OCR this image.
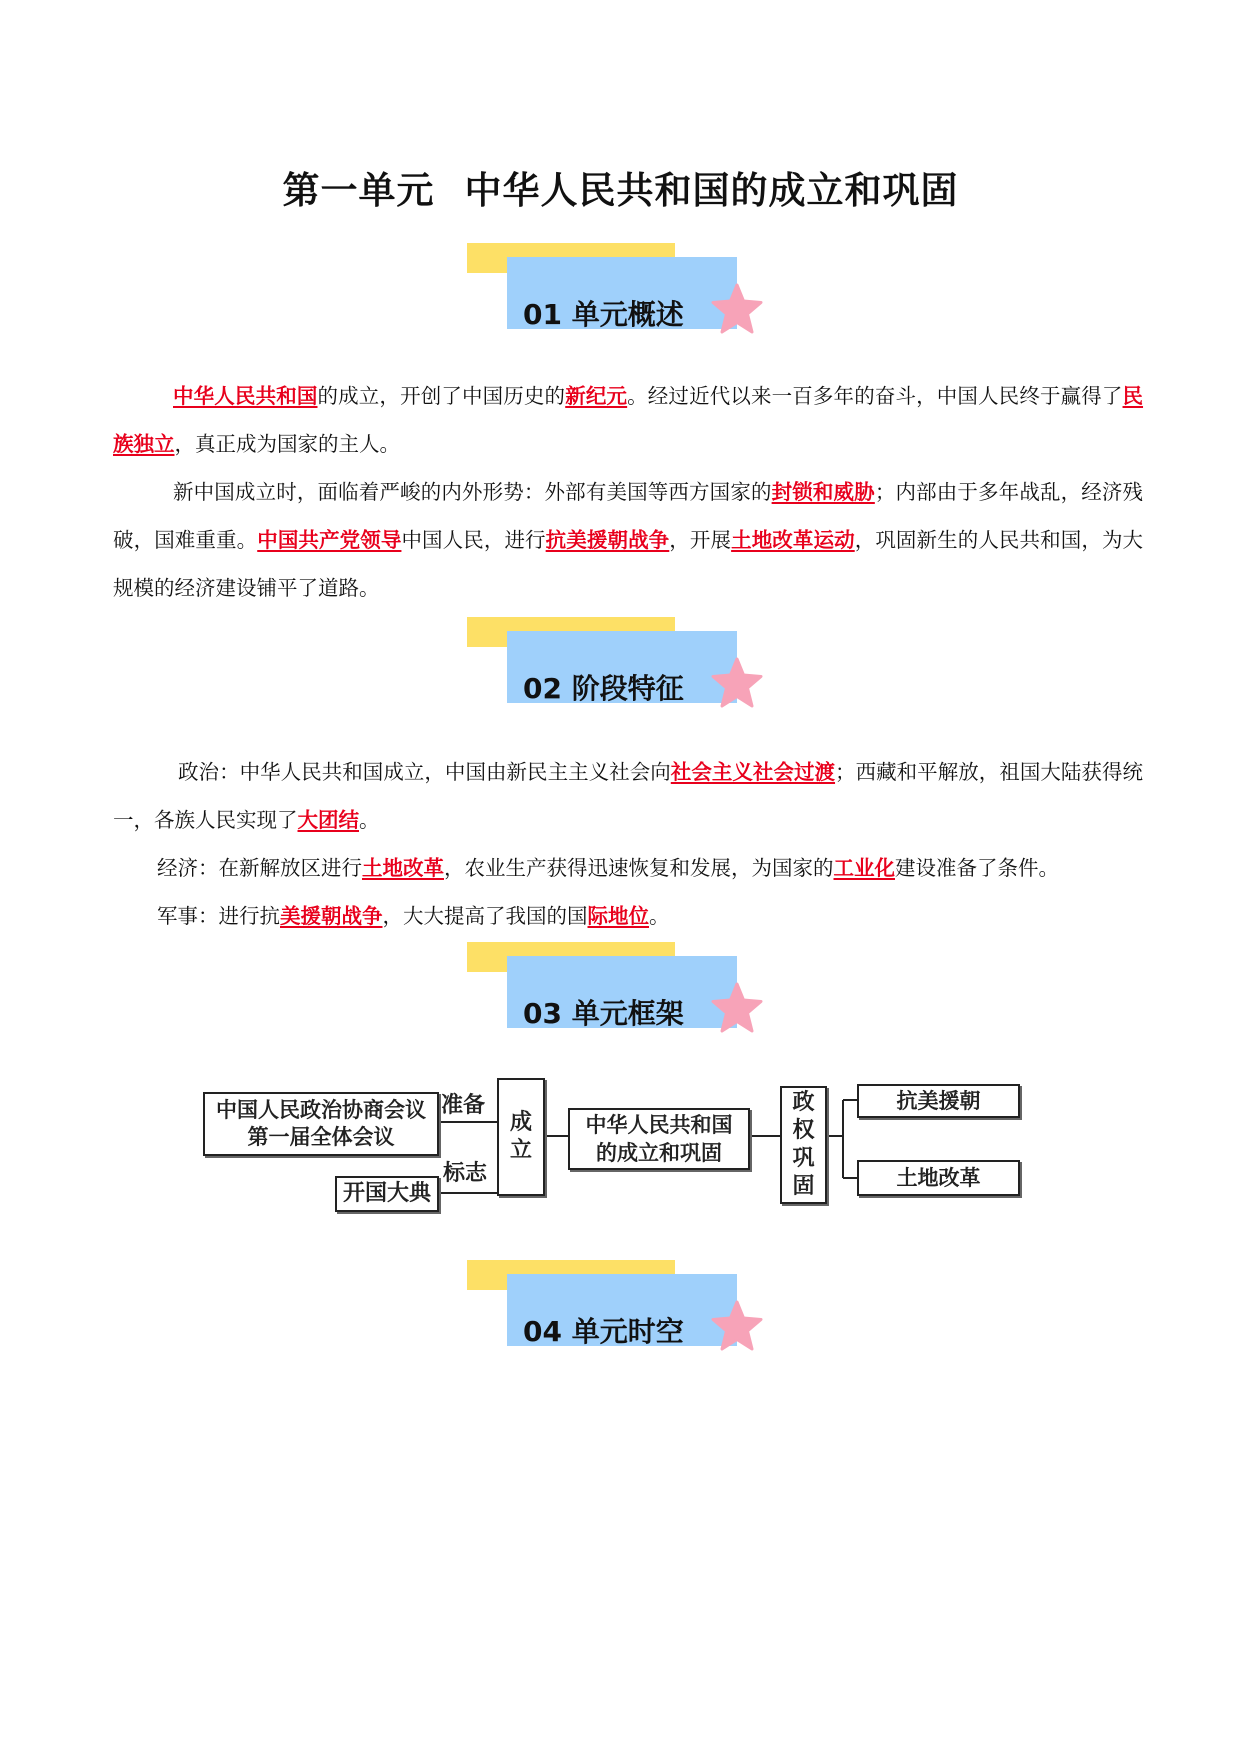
第一单元 中华人民共和国的成立和巩固
01 单元概述
02 阶段特征
03 单元框架
04 单元时空
中华人民共和国的成立，开创了中国历史的新纪元。经过近代以来一百多年的奋斗，中国人民终于赢得了民族独立，真正成为国家的主人。
新中国成立时，面临着严峻的内外形势：外部有美国等西方国家的封锁和威胁；内部由于多年战乱，经济残破，国难重重。中国共产党领导中国人民，进行抗美援朝战争，开展土地改革运动，巩固新生的人民共和国，为大规模的经济建设铺平了道路。
政治：中华人民共和国成立，中国由新民主主义社会向社会主义社会过渡；西藏和平解放，祖国大陆获得统一，各族人民实现了大团结。
经济：在新解放区进行土地改革，农业生产获得迅速恢复和发展，为国家的工业化建设准备了条件。
军事：进行抗美援朝战争，大大提高了我国的国际地位。
中国人民政治协商会议第一届全体会议
开国大典
准备
标志
成立
中华人民共和国的成立和巩固
政权巩固
抗美援朝
土地改革
